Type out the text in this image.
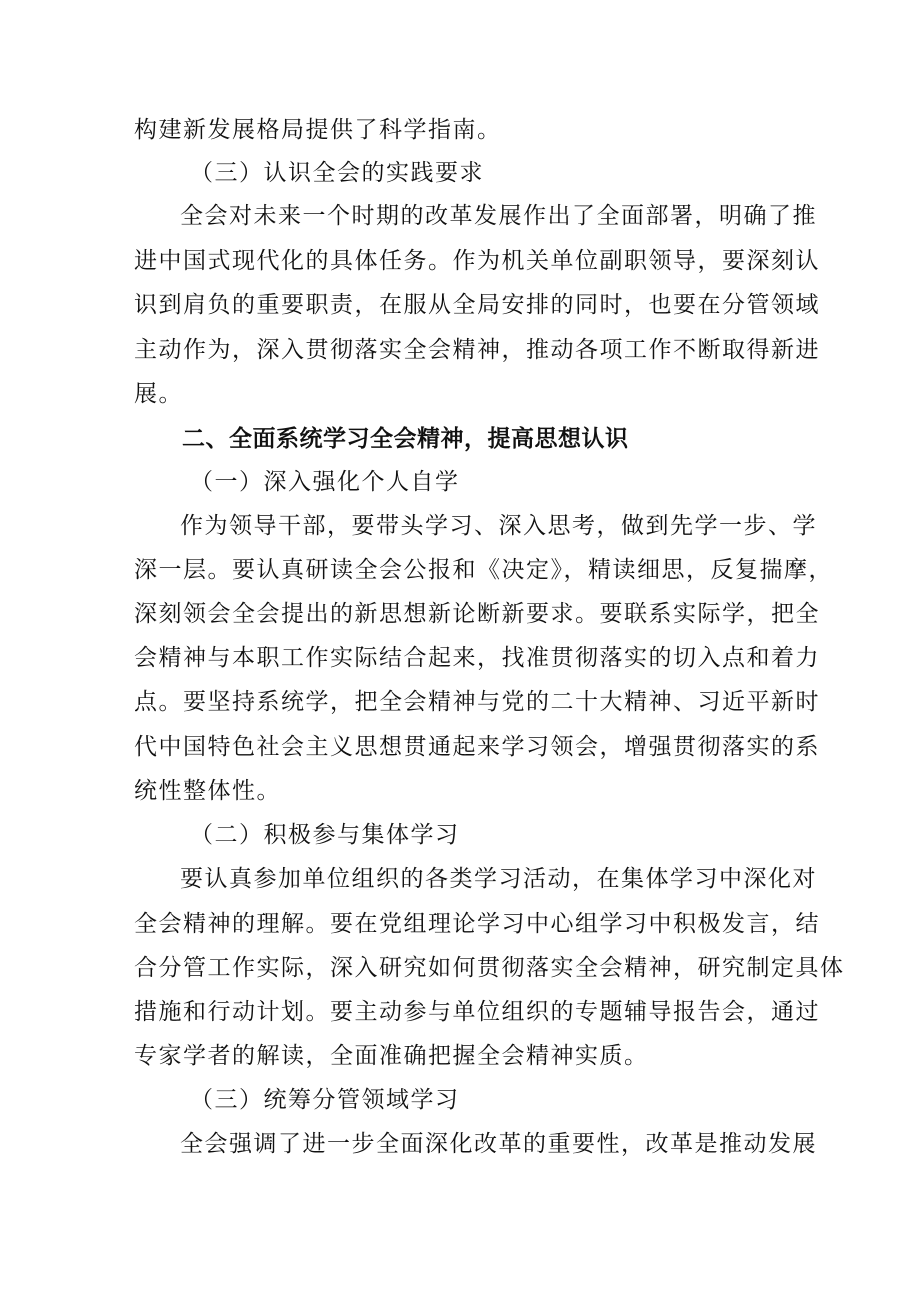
构建新发展格局提供了科学指南。
（三）认识全会的实践要求
全会对未来一个时期的改革发展作出了全面部署，明确了推
进中国式现代化的具体任务。作为机关单位副职领导，要深刻认
识到肩负的重要职责，在服从全局安排的同时，也要在分管领域
主动作为，深入贯彻落实全会精神，推动各项工作不断取得新进
展。
二、全面系统学习全会精神，提高思想认识
（一）深入强化个人自学
作为领导干部，要带头学习、深入思考，做到先学一步、学
深一层。要认真研读全会公报和《决定》，精读细思，反复揣摩，
深刻领会全会提出的新思想新论断新要求。要联系实际学，把全
会精神与本职工作实际结合起来，找准贯彻落实的切入点和着力
点。要坚持系统学，把全会精神与党的二十大精神、习近平新时
代中国特色社会主义思想贯通起来学习领会，增强贯彻落实的系
统性整体性。
（二）积极参与集体学习
要认真参加单位组织的各类学习活动，在集体学习中深化对
全会精神的理解。要在党组理论学习中心组学习中积极发言，结
合分管工作实际，深入研究如何贯彻落实全会精神，研究制定具体
措施和行动计划。要主动参与单位组织的专题辅导报告会，通过
专家学者的解读，全面准确把握全会精神实质。
（三）统筹分管领域学习
全会强调了进一步全面深化改革的重要性，改革是推动发展
